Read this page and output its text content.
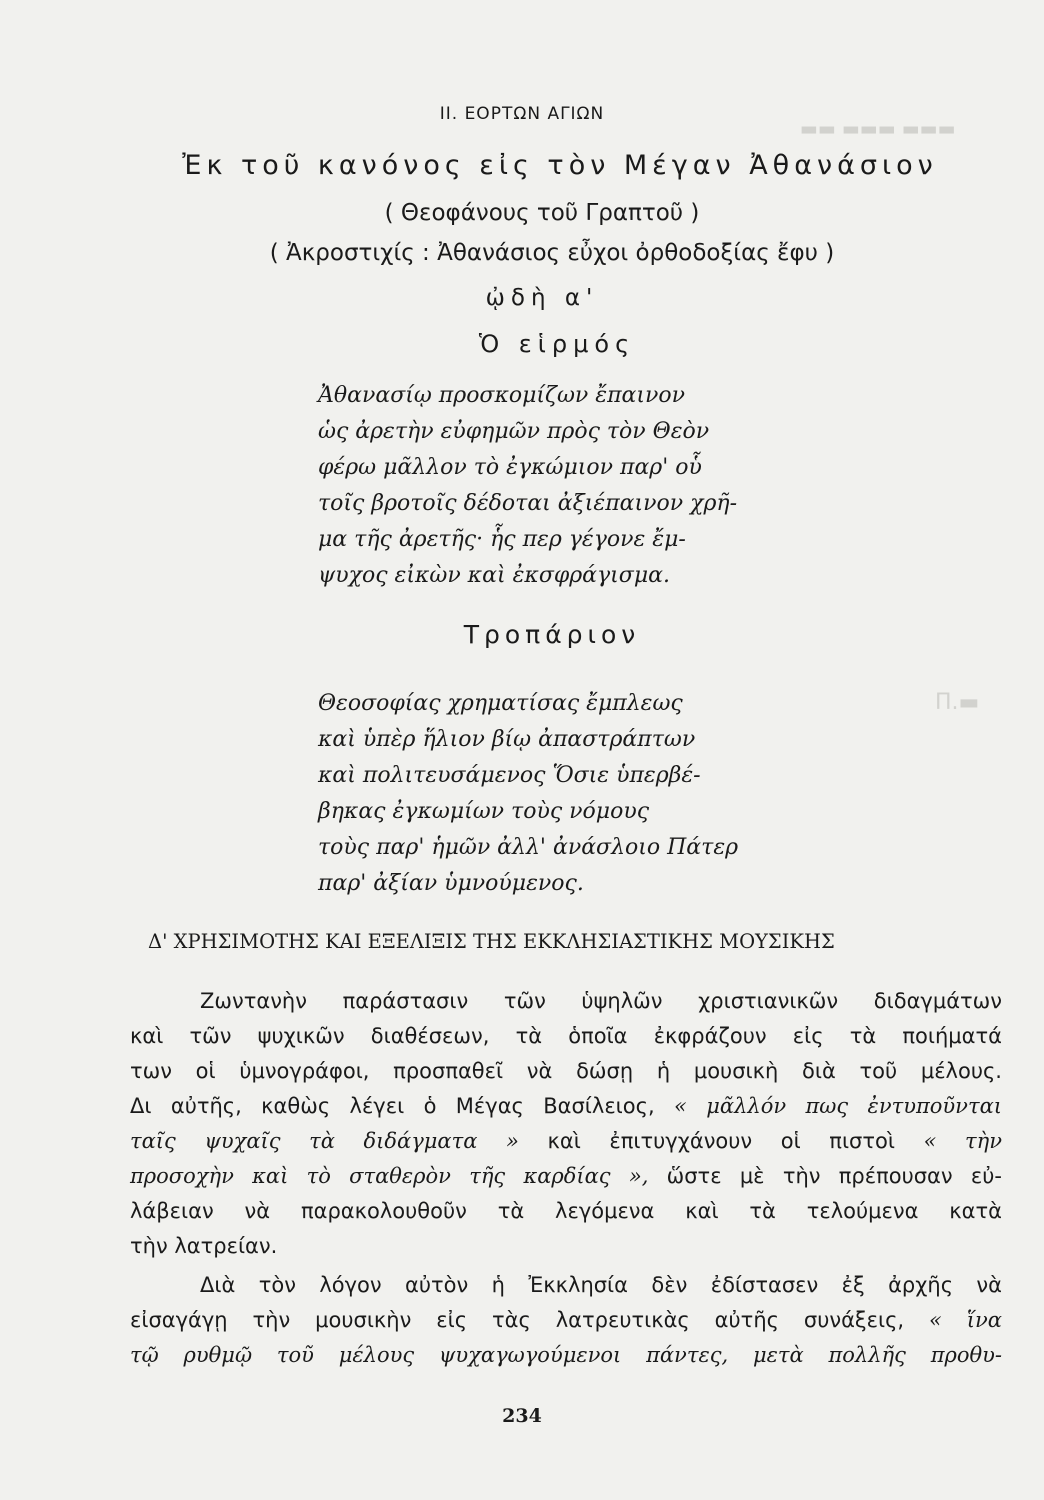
▬▬ ▬▬▬ ▬▬▬
Π.▬
II. ΕΟΡΤΩΝ ΑΓΙΩΝ
Ἐκ τοῦ κανόνος εἰς τὸν Μέγαν Ἀθανάσιον
( Θεοφάνους τοῦ Γραπτοῦ )
( Ἀκροστιχίς : Ἀθανάσιος εὖχοι ὀρθοδοξίας ἔφυ )
ᾠδὴ α'
Ὁ εἱρμός
Ἀθανασίῳ προσκομίζων ἔπαινον
ὡς ἀρετὴν εὐφημῶν πρὸς τὸν Θεὸν
φέρω μᾶλλον τὸ ἐγκώμιον παρ' οὗ
τοῖς βροτοῖς δέδοται ἀξιέπαινον χρῆ-
μα τῆς ἀρετῆς· ἧς περ γέγονε ἔμ-
ψυχος εἰκὼν καὶ ἐκσφράγισμα.
Τροπάριον
Θεοσοφίας χρηματίσας ἔμπλεως
καὶ ὑπὲρ ἥλιον βίῳ ἀπαστράπτων
καὶ πολιτευσάμενος Ὅσιε ὑπερβέ-
βηκας ἐγκωμίων τοὺς νόμους
τοὺς παρ' ἡμῶν ἀλλ' ἀνάσλοιο Πάτερ
παρ' ἀξίαν ὑμνούμενος.
Δ' ΧΡΗΣΙΜΟΤΗΣ ΚΑΙ ΕΞΕΛΙΞΙΣ ΤΗΣ ΕΚΚΛΗΣΙΑΣΤΙΚΗΣ ΜΟΥΣΙΚΗΣ
Ζωντανὴν παράστασιν τῶν ὑψηλῶν χριστιανικῶν διδαγμάτων
καὶ τῶν ψυχικῶν διαθέσεων, τὰ ὁποῖα ἐκφράζουν εἰς τὰ ποιήματά
των οἱ ὑμνογράφοι, προσπαθεῖ νὰ δώσῃ ἡ μουσικὴ διὰ τοῦ μέλους.
Δι αὐτῆς, καθὼς λέγει ὁ Μέγας Βασίλειος, « μᾶλλόν πως ἐντυποῦνται
ταῖς ψυχαῖς τὰ διδάγματα » καὶ ἐπιτυγχάνουν οἱ πιστοὶ « τὴν
προσοχὴν καὶ τὸ σταθερὸν τῆς καρδίας », ὥστε μὲ τὴν πρέπουσαν εὐ-
λάβειαν νὰ παρακολουθοῦν τὰ λεγόμενα καὶ τὰ τελούμενα κατὰ
τὴν λατρείαν.
Διὰ τὸν λόγον αὐτὸν ἡ Ἐκκλησία δὲν ἐδίστασεν ἐξ ἀρχῆς νὰ
εἰσαγάγῃ τὴν μουσικὴν εἰς τὰς λατρευτικὰς αὐτῆς συνάξεις, « ἵνα
τῷ ρυθμῷ τοῦ μέλους ψυχαγωγούμενοι πάντες, μετὰ πολλῆς προθυ-
234
